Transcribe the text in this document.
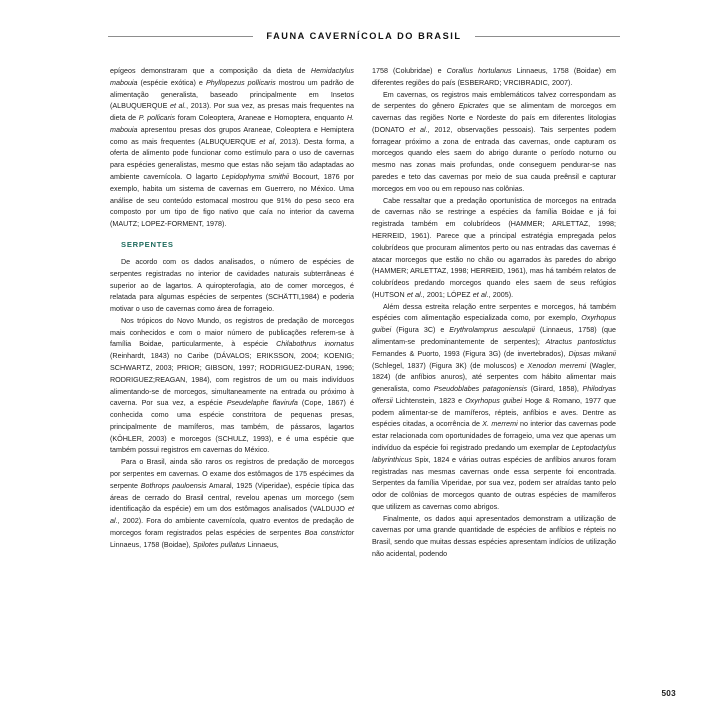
FAUNA CAVERNÍCOLA DO BRASIL

epígeos demonstraram que a composição da dieta de Hemidactylus mabouia (espécie exótica) e Phyllopezus pollicaris mostrou um padrão de alimentação generalista, baseado principalmente em Insetos (ALBUQUERQUE et al., 2013). Por sua vez, as presas mais frequentes na dieta de P. pollicaris foram Coleoptera, Araneae e Homoptera, enquanto H. mabouia apresentou presas dos grupos Araneae, Coleoptera e Hemiptera como as mais frequentes (ALBUQUERQUE et al, 2013). Desta forma, a oferta de alimento pode funcionar como estímulo para o uso de cavernas para espécies generalistas, mesmo que estas não sejam tão adaptadas ao ambiente cavernícola. O lagarto Lepidophyma smithii Bocourt, 1876 por exemplo, habita um sistema de cavernas em Guerrero, no México. Uma análise de seu conteúdo estomacal mostrou que 91% do peso seco era composto por um tipo de figo nativo que caía no interior da caverna (MAUTZ; LOPEZ-FORMENT, 1978).

SERPENTES

De acordo com os dados analisados, o número de espécies de serpentes registradas no interior de cavidades naturais subterrâneas é superior ao de lagartos. A quiropterofagia, ato de comer morcegos, é relatada para algumas espécies de serpentes (SCHÄTTI,1984) e poderia motivar o uso de cavernas como área de forrageio.

Nos trópicos do Novo Mundo, os registros de predação de morcegos mais conhecidos e com o maior número de publicações referem-se à família Boidae, particularmente, à espécie Chilabothrus inornatus (Reinhardt, 1843) no Caribe (DÁVALOS; ERIKSSON, 2004; KOENIG; SCHWARTZ, 2003; PRIOR; GIBSON, 1997; RODRIGUEZ-DURAN, 1996; RODRIGUEZ;REAGAN, 1984), com registros de um ou mais indivíduos alimentando-se de morcegos, simultaneamente na entrada ou próximo à caverna. Por sua vez, a espécie Pseudelaphe flavirufa (Cope, 1867) é conhecida como uma espécie constritora de pequenas presas, principalmente de mamíferos, mas também, de pássaros, lagartos (KÖHLER, 2003) e morcegos (SCHULZ, 1993), e é uma espécie que também possui registros em cavernas do México.

Para o Brasil, ainda são raros os registros de predação de morcegos por serpentes em cavernas. O exame dos estômagos de 175 espécimes da serpente Bothrops pauloensis Amaral, 1925 (Viperidae), espécie típica das áreas de cerrado do Brasil central, revelou apenas um morcego (sem identificação da espécie) em um dos estômagos analisados (VALDUJO et al., 2002). Fora do ambiente cavernícola, quatro eventos de predação de morcegos foram registrados pelas espécies de serpentes Boa constrictor Linnaeus, 1758 (Boidae), Spilotes pullatus Linnaeus,

1758 (Colubridae) e Corallus hortulanus Linnaeus, 1758 (Boidae) em diferentes regiões do país (ESBERARD; VRCIBRADIC, 2007).

Em cavernas, os registros mais emblemáticos talvez correspondam as de serpentes do gênero Epicrates que se alimentam de morcegos em cavernas das regiões Norte e Nordeste do país em diferentes litologias (DONATO et al., 2012, observações pessoais). Tais serpentes podem forragear próximo a zona de entrada das cavernas, onde capturam os morcegos quando eles saem do abrigo durante o período noturno ou mesmo nas zonas mais profundas, onde conseguem pendurar-se nas paredes e teto das cavernas por meio de sua cauda preênsil e capturar morcegos em voo ou em repouso nas colônias.

Cabe ressaltar que a predação oportunística de morcegos na entrada de cavernas não se restringe a espécies da família Boidae e já foi registrada também em colubrídeos (HAMMER; ARLETTAZ, 1998; HERREID, 1961). Parece que a principal estratégia empregada pelos colubrídeos que procuram alimentos perto ou nas entradas das cavernas é atacar morcegos que estão no chão ou agarrados às paredes do abrigo (HAMMER; ARLETTAZ, 1998; HERREID, 1961), mas há também relatos de colubrídeos predando morcegos quando eles saem de seus refúgios (HUTSON et al., 2001; LÓPEZ et al., 2005).

Além dessa estreita relação entre serpentes e morcegos, há também espécies com alimentação especializada como, por exemplo, Oxyrhopus guibei (Figura 3C) e Erythrolamprus aesculapii (Linnaeus, 1758) (que alimentam-se predominantemente de serpentes); Atractus pantostictus Fernandes & Puorto, 1993 (Figura 3G) (de invertebrados), Dipsas mikanii (Schlegel, 1837) (Figura 3K) (de moluscos) e Xenodon merremi (Wagler, 1824) (de anfíbios anuros), até serpentes com hábito alimentar mais generalista, como Pseudoblabes patagoniensis (Girard, 1858), Philodryas olfersii Lichtenstein, 1823 e Oxyrhopus guibei Hoge & Romano, 1977 que podem alimentar-se de mamíferos, répteis, anfíbios e aves. Dentre as espécies citadas, a ocorrência de X. merremi no interior das cavernas pode estar relacionada com oportunidades de forrageio, uma vez que apenas um indivíduo da espécie foi registrado predando um exemplar de Leptodactylus labyrinthicus Spix, 1824 e várias outras espécies de anfíbios anuros foram registradas nas mesmas cavernas onde essa serpente foi encontrada. Serpentes da família Viperidae, por sua vez, podem ser atraídas tanto pelo odor de colônias de morcegos quanto de outras espécies de mamíferos que utilizem as cavernas como abrigos.

Finalmente, os dados aqui apresentados demonstram a utilização de cavernas por uma grande quantidade de espécies de anfíbios e répteis no Brasil, sendo que muitas dessas espécies apresentam indícios de utilização não acidental, podendo

503
